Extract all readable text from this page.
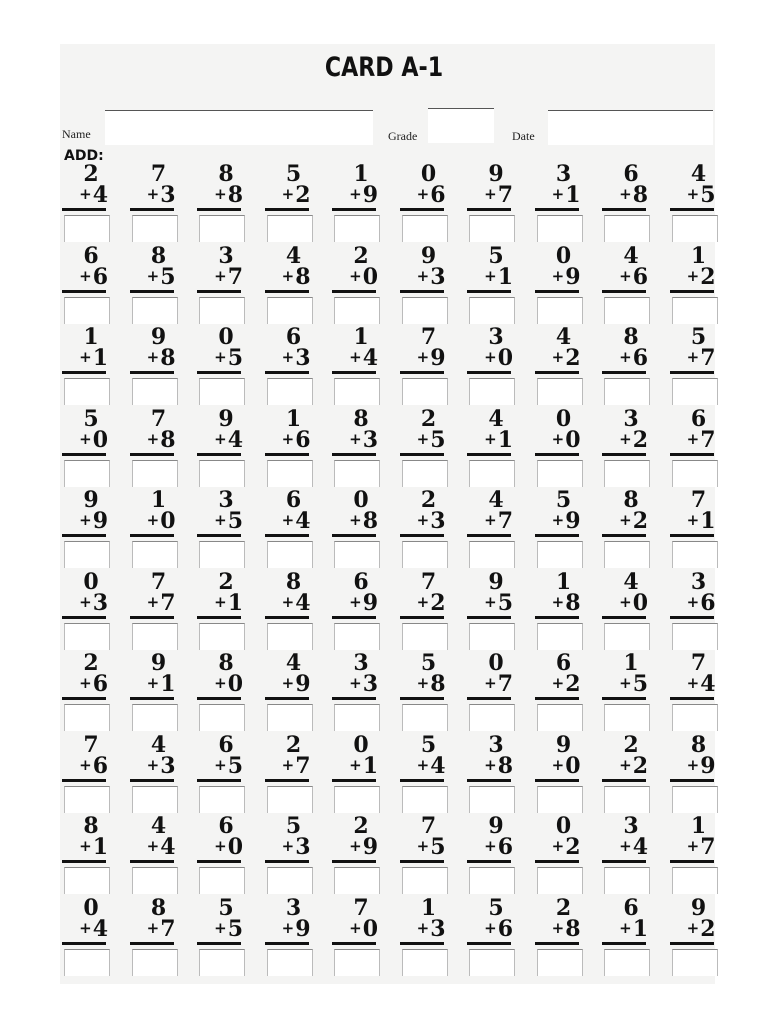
CARD A-1
Name	Grade	Date
ADD:
2
+4
7
+3
8
+8
5
+2
1
+9
0
+6
9
+7
3
+1
6
+8
4
+5
6
+6
8
+5
3
+7
4
+8
2
+0
9
+3
5
+1
0
+9
4
+6
1
+2
1
+1
9
+8
0
+5
6
+3
1
+4
7
+9
3
+0
4
+2
8
+6
5
+7
5
+0
7
+8
9
+4
1
+6
8
+3
2
+5
4
+1
0
+0
3
+2
6
+7
9
+9
1
+0
3
+5
6
+4
0
+8
2
+3
4
+7
5
+9
8
+2
7
+1
0
+3
7
+7
2
+1
8
+4
6
+9
7
+2
9
+5
1
+8
4
+0
3
+6
2
+6
9
+1
8
+0
4
+9
3
+3
5
+8
0
+7
6
+2
1
+5
7
+4
7
+6
4
+3
6
+5
2
+7
0
+1
5
+4
3
+8
9
+0
2
+2
8
+9
8
+1
4
+4
6
+0
5
+3
2
+9
7
+5
9
+6
0
+2
3
+4
1
+7
0
+4
8
+7
5
+5
3
+9
7
+0
1
+3
5
+6
2
+8
6
+1
9
+2
